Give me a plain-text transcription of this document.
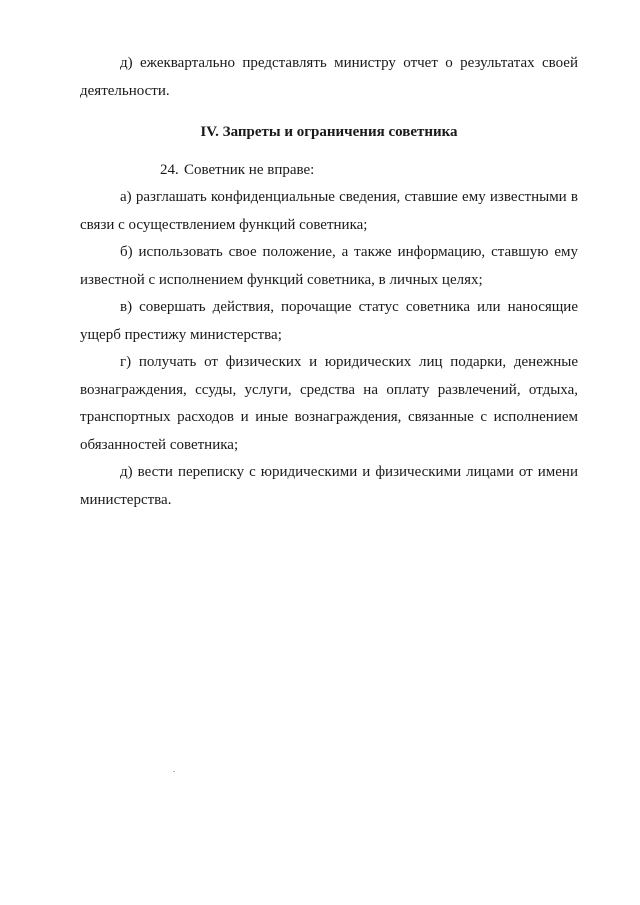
д) ежеквартально представлять министру отчет о результатах своей деятельности.

IV. Запреты и ограничения советника

24. Советник не вправе:

а) разглашать конфиденциальные сведения, ставшие ему известными в связи с осуществлением функций советника;

б) использовать свое положение, а также информацию, ставшую ему известной с исполнением функций советника, в личных целях;

в) совершать действия, порочащие статус советника или наносящие ущерб престижу министерства;

г) получать от физических и юридических лиц подарки, денежные вознаграждения, ссуды, услуги, средства на оплату развлечений, отдыха, транспортных расходов и иные вознаграждения, связанные с исполнением обязанностей советника;

д) вести переписку с юридическими и физическими лицами от имени министерства.
